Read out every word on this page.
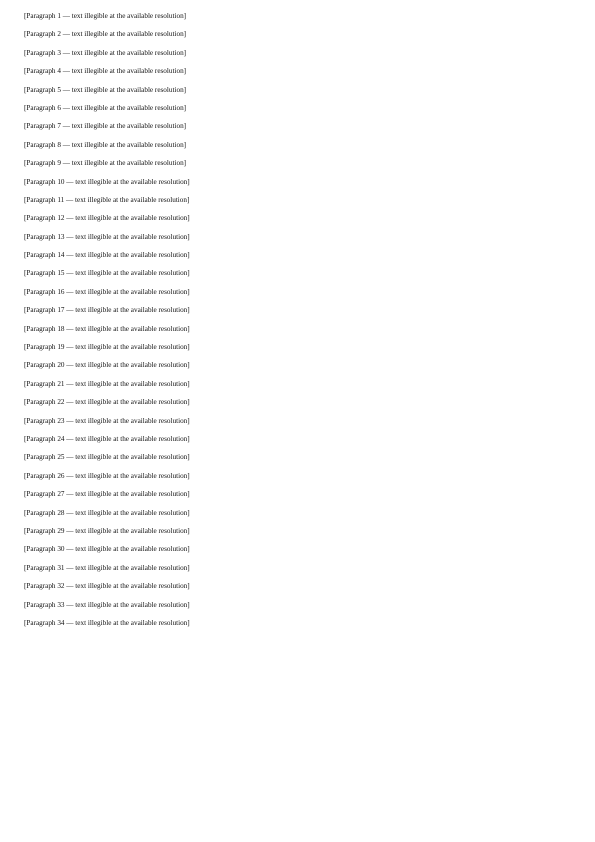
[Paragraph 1 — text illegible at the available resolution]

[Paragraph 2 — text illegible at the available resolution]

[Paragraph 3 — text illegible at the available resolution]

[Paragraph 4 — text illegible at the available resolution]

[Paragraph 5 — text illegible at the available resolution]

[Paragraph 6 — text illegible at the available resolution]

[Paragraph 7 — text illegible at the available resolution]

[Paragraph 8 — text illegible at the available resolution]

[Paragraph 9 — text illegible at the available resolution]

[Paragraph 10 — text illegible at the available resolution]

[Paragraph 11 — text illegible at the available resolution]

[Paragraph 12 — text illegible at the available resolution]

[Paragraph 13 — text illegible at the available resolution]

[Paragraph 14 — text illegible at the available resolution]

[Paragraph 15 — text illegible at the available resolution]

[Paragraph 16 — text illegible at the available resolution]

[Paragraph 17 — text illegible at the available resolution]

[Paragraph 18 — text illegible at the available resolution]

[Paragraph 19 — text illegible at the available resolution]

[Paragraph 20 — text illegible at the available resolution]

[Paragraph 21 — text illegible at the available resolution]

[Paragraph 22 — text illegible at the available resolution]

[Paragraph 23 — text illegible at the available resolution]

[Paragraph 24 — text illegible at the available resolution]

[Paragraph 25 — text illegible at the available resolution]

[Paragraph 26 — text illegible at the available resolution]

[Paragraph 27 — text illegible at the available resolution]

[Paragraph 28 — text illegible at the available resolution]

[Paragraph 29 — text illegible at the available resolution]

[Paragraph 30 — text illegible at the available resolution]

[Paragraph 31 — text illegible at the available resolution]

[Paragraph 32 — text illegible at the available resolution]

[Paragraph 33 — text illegible at the available resolution]

[Paragraph 34 — text illegible at the available resolution]
